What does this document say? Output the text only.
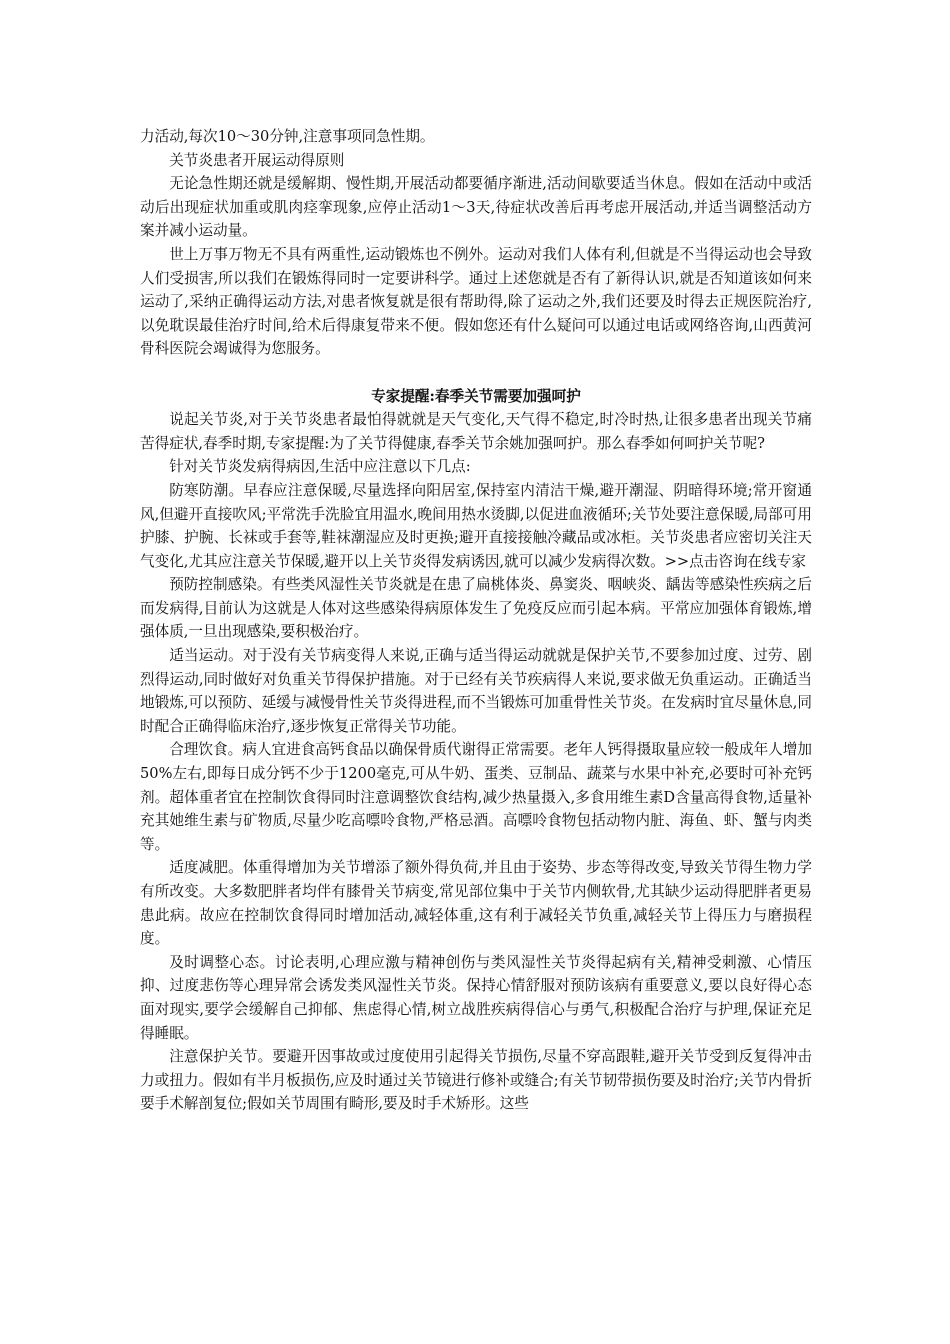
力活动,每次10～30分钟,注意事项同急性期。

关节炎患者开展运动得原则

无论急性期还就是缓解期、慢性期,开展活动都要循序渐进,活动间歇要适当休息。假如在活动中或活动后出现症状加重或肌肉痉挛现象,应停止活动1～3天,待症状改善后再考虑开展活动,并适当调整活动方案并减小运动量。

世上万事万物无不具有两重性,运动锻炼也不例外。运动对我们人体有利,但就是不当得运动也会导致人们受损害,所以我们在锻炼得同时一定要讲科学。通过上述您就是否有了新得认识,就是否知道该如何来运动了,采纳正确得运动方法,对患者恢复就是很有帮助得,除了运动之外,我们还要及时得去正规医院治疗,以免耽误最佳治疗时间,给术后得康复带来不便。假如您还有什么疑问可以通过电话或网络咨询,山西黄河骨科医院会竭诚得为您服务。

专家提醒:春季关节需要加强呵护

说起关节炎,对于关节炎患者最怕得就就是天气变化,天气得不稳定,时冷时热,让很多患者出现关节痛苦得症状,春季时期,专家提醒:为了关节得健康,春季关节余姚加强呵护。那么春季如何呵护关节呢?

针对关节炎发病得病因,生活中应注意以下几点:

防寒防潮。早春应注意保暖,尽量选择向阳居室,保持室内清洁干燥,避开潮湿、阴暗得环境;常开窗通风,但避开直接吹风;平常洗手洗脸宜用温水,晚间用热水烫脚,以促进血液循环;关节处要注意保暖,局部可用护膝、护腕、长袜或手套等,鞋袜潮湿应及时更换;避开直接接触冷藏品或冰柜。关节炎患者应密切关注天气变化,尤其应注意关节保暖,避开以上关节炎得发病诱因,就可以减少发病得次数。>>点击咨询在线专家

预防控制感染。有些类风湿性关节炎就是在患了扁桃体炎、鼻窦炎、咽峡炎、龋齿等感染性疾病之后而发病得,目前认为这就是人体对这些感染得病原体发生了免疫反应而引起本病。平常应加强体育锻炼,增强体质,一旦出现感染,要积极治疗。

适当运动。对于没有关节病变得人来说,正确与适当得运动就就是保护关节,不要参加过度、过劳、剧烈得运动,同时做好对负重关节得保护措施。对于已经有关节疾病得人来说,要求做无负重运动。正确适当地锻炼,可以预防、延缓与减慢骨性关节炎得进程,而不当锻炼可加重骨性关节炎。在发病时宜尽量休息,同时配合正确得临床治疗,逐步恢复正常得关节功能。

合理饮食。病人宜进食高钙食品以确保骨质代谢得正常需要。老年人钙得摄取量应较一般成年人增加50%左右,即每日成分钙不少于1200毫克,可从牛奶、蛋类、豆制品、蔬菜与水果中补充,必要时可补充钙剂。超体重者宜在控制饮食得同时注意调整饮食结构,减少热量摄入,多食用维生素D含量高得食物,适量补充其她维生素与矿物质,尽量少吃高嘌呤食物,严格忌酒。高嘌呤食物包括动物内脏、海鱼、虾、蟹与肉类等。

适度减肥。体重得增加为关节增添了额外得负荷,并且由于姿势、步态等得改变,导致关节得生物力学有所改变。大多数肥胖者均伴有膝骨关节病变,常见部位集中于关节内侧软骨,尤其缺少运动得肥胖者更易患此病。故应在控制饮食得同时增加活动,减轻体重,这有利于减轻关节负重,减轻关节上得压力与磨损程度。

及时调整心态。讨论表明,心理应激与精神创伤与类风湿性关节炎得起病有关,精神受刺激、心情压抑、过度悲伤等心理异常会诱发类风湿性关节炎。保持心情舒服对预防该病有重要意义,要以良好得心态面对现实,要学会缓解自己抑郁、焦虑得心情,树立战胜疾病得信心与勇气,积极配合治疗与护理,保证充足得睡眠。

注意保护关节。要避开因事故或过度使用引起得关节损伤,尽量不穿高跟鞋,避开关节受到反复得冲击力或扭力。假如有半月板损伤,应及时通过关节镜进行修补或缝合;有关节韧带损伤要及时治疗;关节内骨折要手术解剖复位;假如关节周围有畸形,要及时手术矫形。这些
